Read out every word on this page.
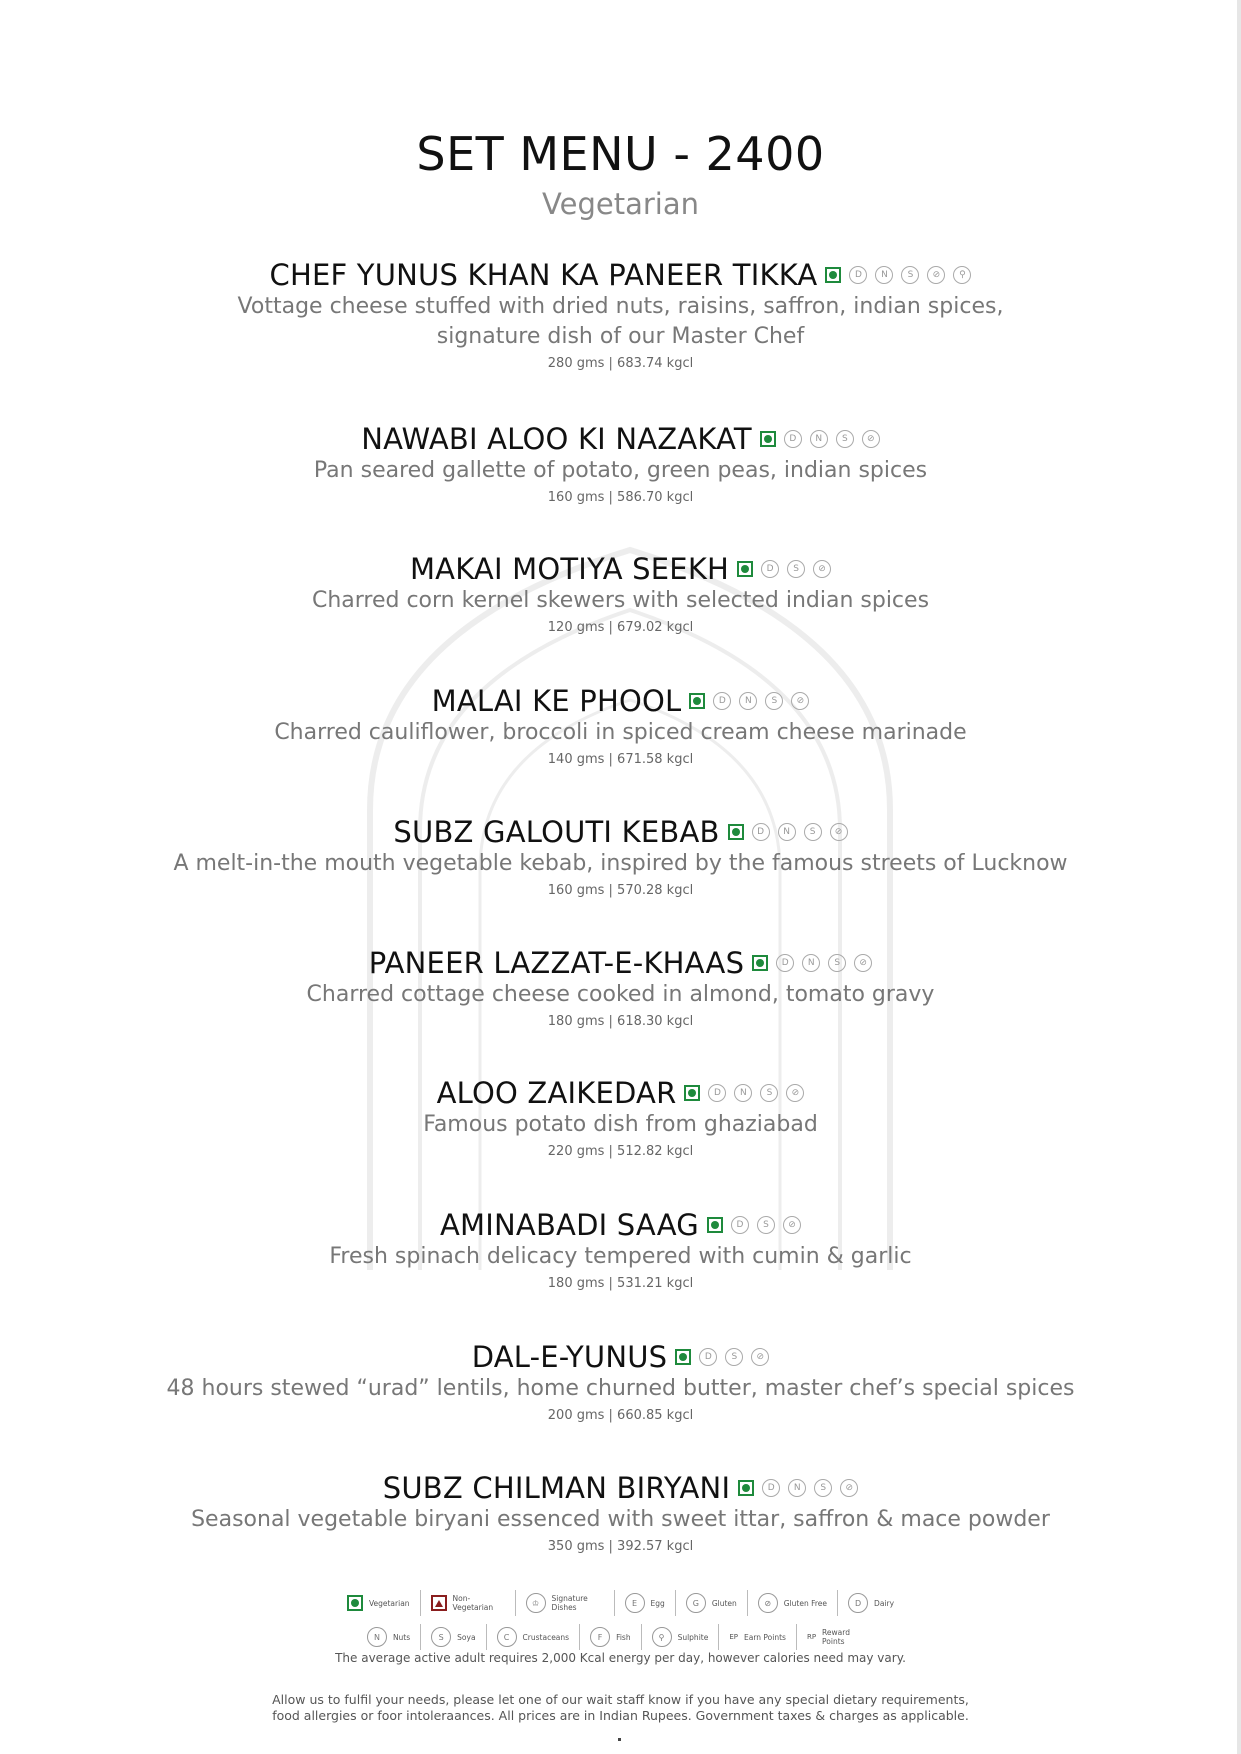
SET MENU - 2400
Vegetarian
CHEF YUNUS KHAN KA PANEER TIKKA	D	N	S	⊘	⚲
Vottage cheese stuffed with dried nuts, raisins, saffron, indian spices,
signature dish of our Master Chef
280 gms | 683.74 kgcl
NAWABI ALOO KI NAZAKAT	D	N	S	⊘
Pan seared gallette of potato, green peas, indian spices
160 gms | 586.70 kgcl
MAKAI MOTIYA SEEKH	D	S	⊘
Charred corn kernel skewers with selected indian spices
120 gms | 679.02 kgcl
MALAI KE PHOOL	D	N	S	⊘
Charred cauliflower, broccoli in spiced cream cheese marinade
140 gms | 671.58 kgcl
SUBZ GALOUTI KEBAB	D	N	S	⊘
A melt-in-the mouth vegetable kebab, inspired by the famous streets of Lucknow
160 gms | 570.28 kgcl
PANEER LAZZAT-E-KHAAS	D	N	S	⊘
Charred cottage cheese cooked in almond, tomato gravy
180 gms | 618.30 kgcl
ALOO ZAIKEDAR	D	N	S	⊘
Famous potato dish from ghaziabad
220 gms | 512.82 kgcl
AMINABADI SAAG	D	S	⊘
Fresh spinach delicacy tempered with cumin & garlic
180 gms | 531.21 kgcl
DAL-E-YUNUS	D	S	⊘
48 hours stewed “urad” lentils, home churned butter, master chef’s special spices
200 gms | 660.85 kgcl
SUBZ CHILMAN BIRYANI	D	N	S	⊘
Seasonal vegetable biryani essenced with sweet ittar, saffron & mace powder
350 gms | 392.57 kgcl
Vegetarian	Non-Vegetarian	♔	Signature Dishes	E	Egg	G	Gluten	⊘	Gluten Free	D	Dairy
N	Nuts	S	Soya	C	Crustaceans	F	Fish	⚲	Sulphite	EP Earn Points	RP Reward Points
The average active adult requires 2,000 Kcal energy per day, however calories need may vary.
Allow us to fulfil your needs, please let one of our wait staff know if you have any special dietary requirements,
food allergies or foor intoleraances. All prices are in Indian Rupees. Government taxes & charges as applicable.
